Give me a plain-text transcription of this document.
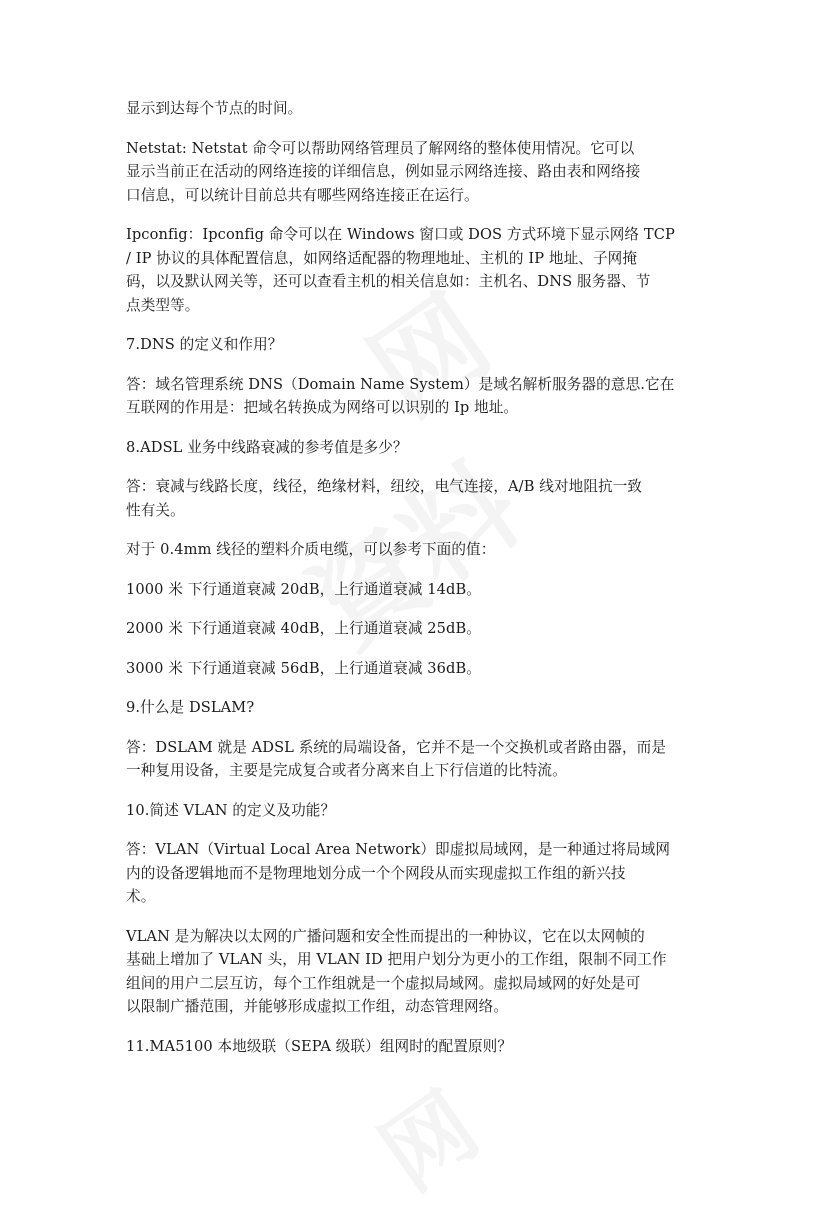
显示到达每个节点的时间。

Netstat: Netstat 命令可以帮助网络管理员了解网络的整体使用情况。它可以
显示当前正在活动的网络连接的详细信息，例如显示网络连接、路由表和网络接
口信息，可以统计目前总共有哪些网络连接正在运行。

Ipconfig：Ipconfig 命令可以在 Windows 窗口或 DOS 方式环境下显示网络 TCP
/ IP 协议的具体配置信息，如网络适配器的物理地址、主机的 IP 地址、子网掩
码，以及默认网关等，还可以查看主机的相关信息如：主机名、DNS 服务器、节
点类型等。

7.DNS 的定义和作用？

答：域名管理系统 DNS（Domain Name System）是域名解析服务器的意思.它在
互联网的作用是：把域名转换成为网络可以识别的 Ip 地址。

8.ADSL 业务中线路衰减的参考值是多少？

答：衰减与线路长度，线径，绝缘材料，纽绞，电气连接，A/B 线对地阻抗一致
性有关。

对于 0.4mm 线径的塑料介质电缆，可以参考下面的值：

1000 米 下行通道衰减 20dB，上行通道衰减 14dB。

2000 米 下行通道衰减 40dB，上行通道衰减 25dB。

3000 米 下行通道衰减 56dB，上行通道衰减 36dB。

9.什么是 DSLAM?

答：DSLAM 就是 ADSL 系统的局端设备，它并不是一个交换机或者路由器，而是
一种复用设备，主要是完成复合或者分离来自上下行信道的比特流。

10.简述 VLAN 的定义及功能？

答：VLAN（Virtual Local Area Network）即虚拟局域网，是一种通过将局域网
内的设备逻辑地而不是物理地划分成一个个网段从而实现虚拟工作组的新兴技
术。

VLAN 是为解决以太网的广播问题和安全性而提出的一种协议，它在以太网帧的
基础上增加了 VLAN 头，用 VLAN ID 把用户划分为更小的工作组，限制不同工作
组间的用户二层互访，每个工作组就是一个虚拟局域网。虚拟局域网的好处是可
以限制广播范围，并能够形成虚拟工作组，动态管理网络。

11.MA5100 本地级联（SEPA 级联）组网时的配置原则？
